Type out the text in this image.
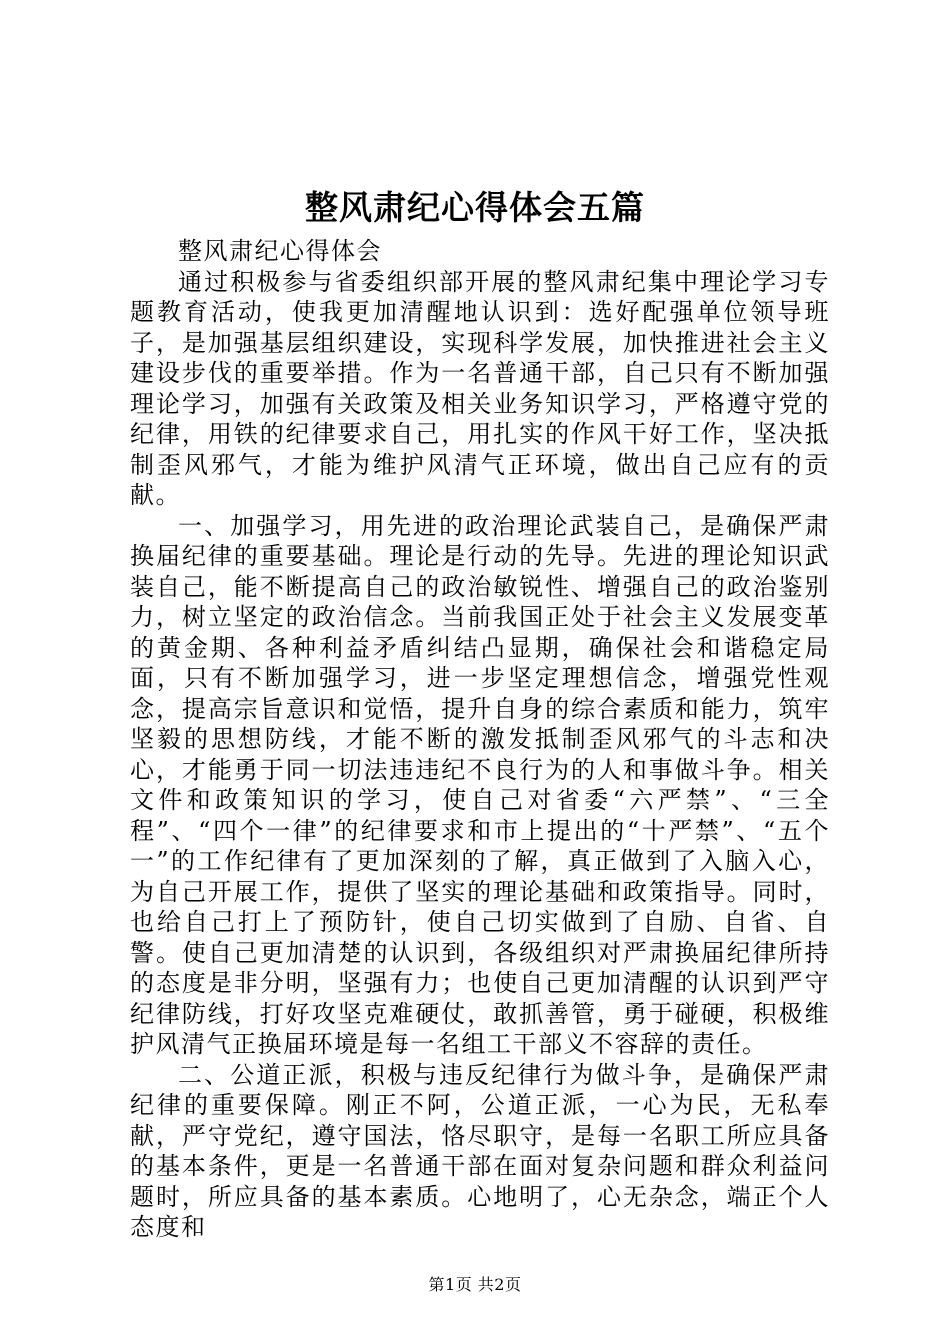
整风肃纪心得体会五篇

整风肃纪心得体会

通过积极参与省委组织部开展的整风肃纪集中理论学习专题教育活动，使我更加清醒地认识到：选好配强单位领导班子，是加强基层组织建设，实现科学发展，加快推进社会主义建设步伐的重要举措。作为一名普通干部，自己只有不断加强理论学习，加强有关政策及相关业务知识学习，严格遵守党的纪律，用铁的纪律要求自己，用扎实的作风干好工作，坚决抵制歪风邪气，才能为维护风清气正环境，做出自己应有的贡献。

一、加强学习，用先进的政治理论武装自己，是确保严肃换届纪律的重要基础。理论是行动的先导。先进的理论知识武装自己，能不断提高自己的政治敏锐性、增强自己的政治鉴别力，树立坚定的政治信念。当前我国正处于社会主义发展变革的黄金期、各种利益矛盾纠结凸显期，确保社会和谐稳定局面，只有不断加强学习，进一步坚定理想信念，增强党性观念，提高宗旨意识和觉悟，提升自身的综合素质和能力，筑牢坚毅的思想防线，才能不断的激发抵制歪风邪气的斗志和决心，才能勇于同一切法违违纪不良行为的人和事做斗争。相关文件和政策知识的学习，使自己对省委“六严禁”、“三全程”、“四个一律”的纪律要求和市上提出的“十严禁”、“五个一”的工作纪律有了更加深刻的了解，真正做到了入脑入心，为自己开展工作，提供了坚实的理论基础和政策指导。同时，也给自己打上了预防针，使自己切实做到了自励、自省、自警。使自己更加清楚的认识到，各级组织对严肃换届纪律所持的态度是非分明，坚强有力；也使自己更加清醒的认识到严守纪律防线，打好攻坚克难硬仗，敢抓善管，勇于碰硬，积极维护风清气正换届环境是每一名组工干部义不容辞的责任。

二、公道正派，积极与违反纪律行为做斗争，是确保严肃纪律的重要保障。刚正不阿，公道正派，一心为民，无私奉献，严守党纪，遵守国法，恪尽职守，是每一名职工所应具备的基本条件，更是一名普通干部在面对复杂问题和群众利益问题时，所应具备的基本素质。心地明了，心无杂念，端正个人态度和

第1页 共2页
